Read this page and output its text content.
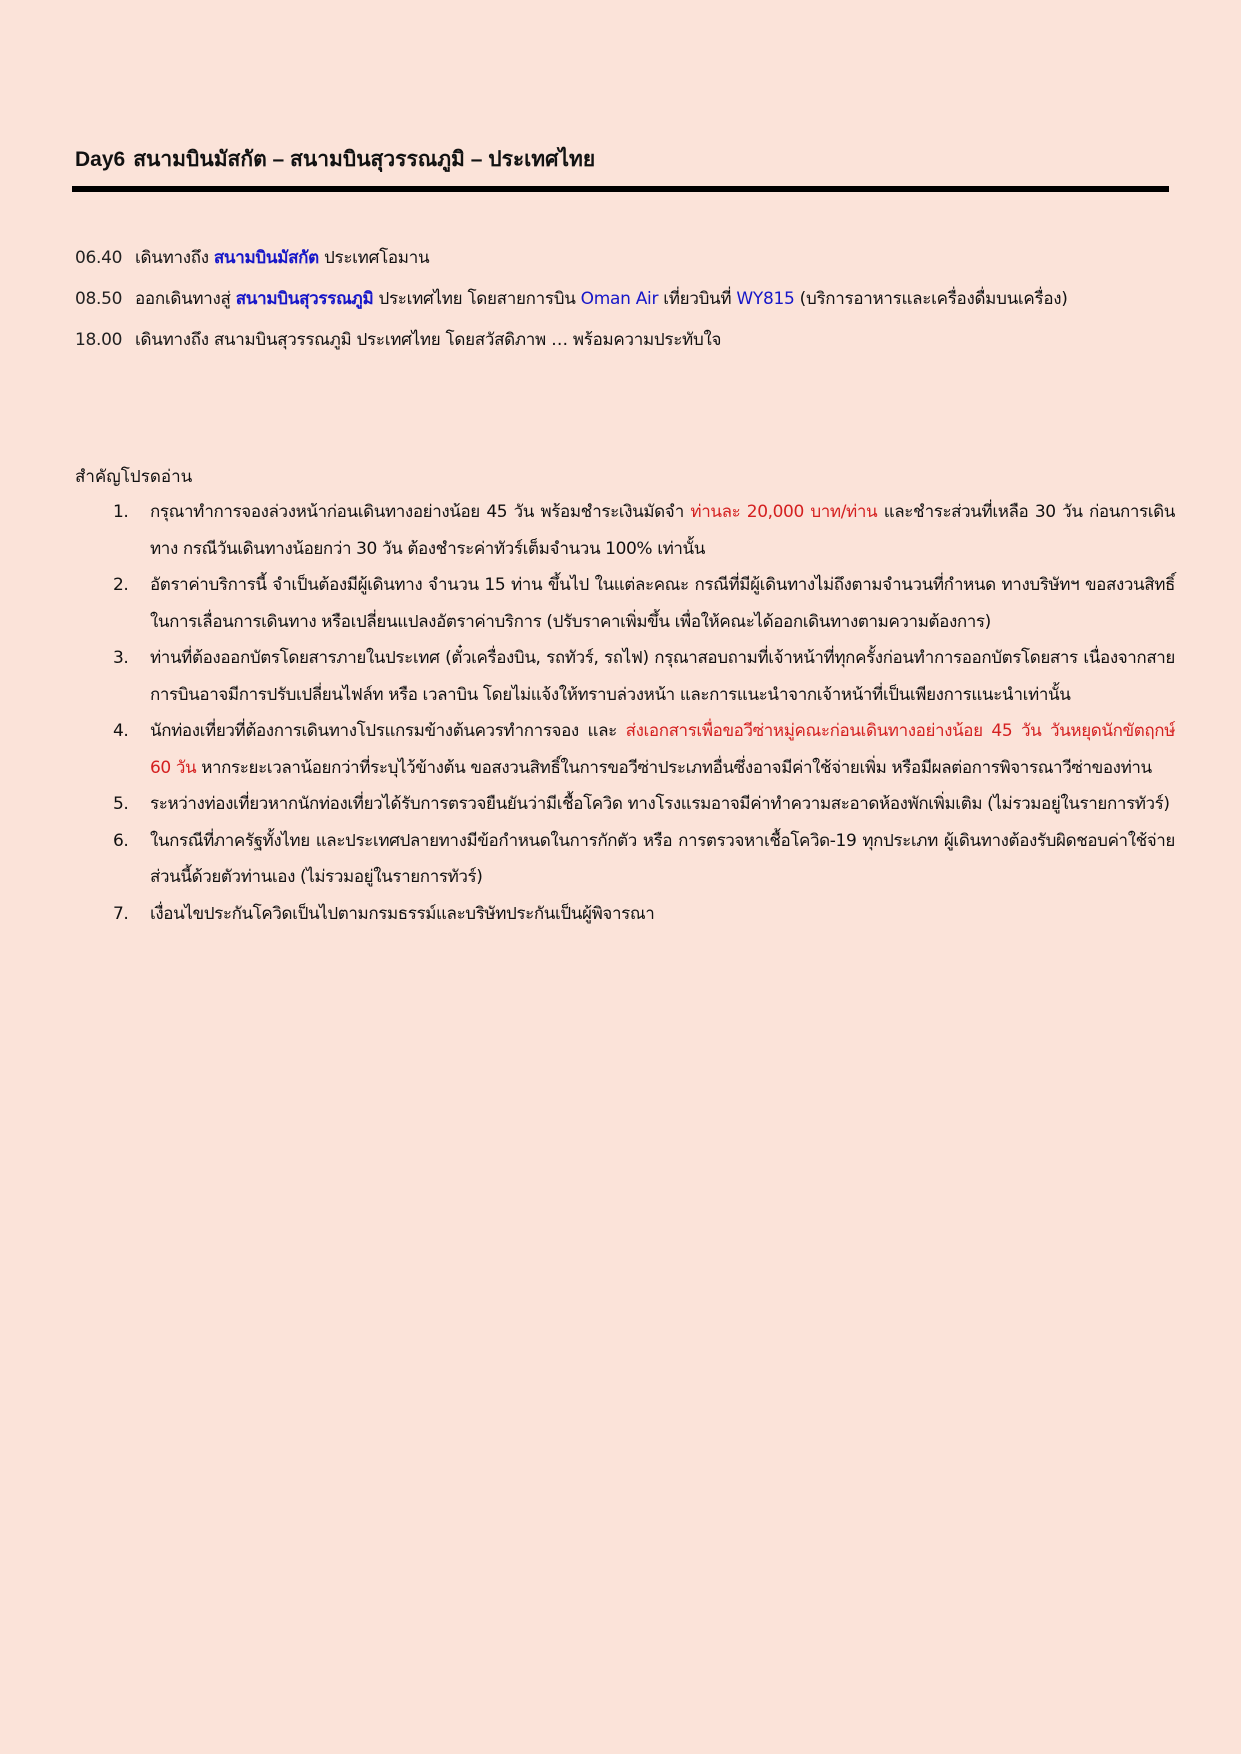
Day6 สนามบินมัสกัต – สนามบินสุวรรณภูมิ – ประเทศไทย
06.40 เดินทางถึง สนามบินมัสกัต ประเทศโอมาน
08.50 ออกเดินทางสู่ สนามบินสุวรรณภูมิ ประเทศไทย โดยสายการบิน Oman Air เที่ยวบินที่ WY815 (บริการอาหารและเครื่องดื่มบนเครื่อง)
18.00 เดินทางถึง สนามบินสุวรรณภูมิ ประเทศไทย โดยสวัสดิภาพ … พร้อมความประทับใจ
สำคัญโปรดอ่าน
1. กรุณาทำการจองล่วงหน้าก่อนเดินทางอย่างน้อย 45 วัน พร้อมชำระเงินมัดจำ ท่านละ 20,000 บาท/ท่าน และชำระส่วนที่เหลือ 30 วัน ก่อนการเดินทาง กรณีวันเดินทางน้อยกว่า 30 วัน ต้องชำระค่าทัวร์เต็มจำนวน 100% เท่านั้น
2. อัตราค่าบริการนี้ จำเป็นต้องมีผู้เดินทาง จำนวน 15 ท่าน ขึ้นไป ในแต่ละคณะ กรณีที่มีผู้เดินทางไม่ถึงตามจำนวนที่กำหนด ทางบริษัทฯ ขอสงวนสิทธิ์ในการเลื่อนการเดินทาง หรือเปลี่ยนแปลงอัตราค่าบริการ (ปรับราคาเพิ่มขึ้น เพื่อให้คณะได้ออกเดินทางตามความต้องการ)
3. ท่านที่ต้องออกบัตรโดยสารภายในประเทศ (ตั๋วเครื่องบิน, รถทัวร์, รถไฟ) กรุณาสอบถามที่เจ้าหน้าที่ทุกครั้งก่อนทำการออกบัตรโดยสาร เนื่องจากสายการบินอาจมีการปรับเปลี่ยนไฟล์ท หรือ เวลาบิน โดยไม่แจ้งให้ทราบล่วงหน้า และการแนะนำจากเจ้าหน้าที่เป็นเพียงการแนะนำเท่านั้น
4. นักท่องเที่ยวที่ต้องการเดินทางโปรแกรมข้างต้นควรทำการจอง และ ส่งเอกสารเพื่อขอวีซ่าหมู่คณะก่อนเดินทางอย่างน้อย 45 วัน วันหยุดนักขัตฤกษ์ 60 วัน หากระยะเวลาน้อยกว่าที่ระบุไว้ข้างต้น ขอสงวนสิทธิ์ในการขอวีซ่าประเภทอื่นซึ่งอาจมีค่าใช้จ่ายเพิ่ม หรือมีผลต่อการพิจารณาวีซ่าของท่าน
5. ระหว่างท่องเที่ยวหากนักท่องเที่ยวได้รับการตรวจยืนยันว่ามีเชื้อโควิด ทางโรงแรมอาจมีค่าทำความสะอาดห้องพักเพิ่มเติม (ไม่รวมอยู่ในรายการทัวร์)
6. ในกรณีที่ภาครัฐทั้งไทย และประเทศปลายทางมีข้อกำหนดในการกักตัว หรือ การตรวจหาเชื้อโควิด-19 ทุกประเภท ผู้เดินทางต้องรับผิดชอบค่าใช้จ่ายส่วนนี้ด้วยตัวท่านเอง (ไม่รวมอยู่ในรายการทัวร์)
7. เงื่อนไขประกันโควิดเป็นไปตามกรมธรรม์และบริษัทประกันเป็นผู้พิจารณา
